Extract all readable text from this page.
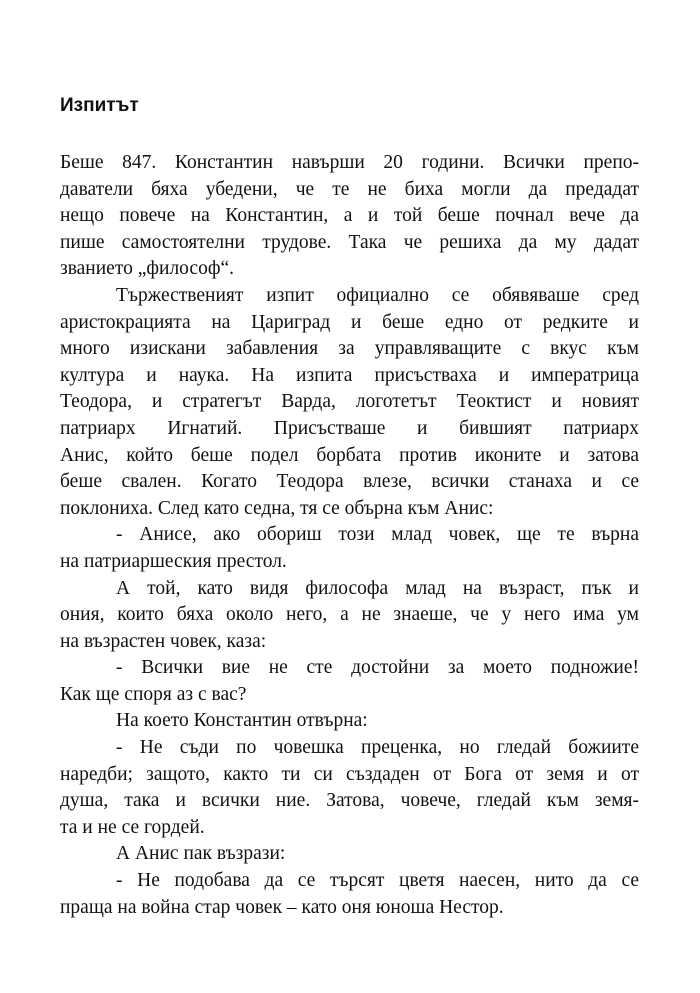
Изпитът

Беше 847. Константин навърши 20 години. Всички препо-
даватели бяха убедени, че те не биха могли да предадат
нещо повече на Константин, а и той беше почнал вече да
пише самостоятелни трудове. Така че решиха да му дадат
званието „философ“.

Тържественият изпит официално се обявяваше сред
аристокрацията на Цариград и беше едно от редките и
много изискани забавления за управляващите с вкус към
култура и наука. На изпита присъстваха и императрица
Теодора, и стратегът Варда, логотетът Теоктист и новият
патриарх Игнатий. Присъстваше и бившият патриарх
Анис, който беше подел борбата против иконите и затова
беше свален. Когато Теодора влезе, всички станаха и се
поклониха. След като седна, тя се обърна към Анис:

- Анисе, ако обориш този млад човек, ще те върна
на патриаршеския престол.

А той, като видя философа млад на възраст, пък и
ония, които бяха около него, а не знаеше, че у него има ум
на възрастен човек, каза:

- Всички вие не сте достойни за моето подножие!
Как ще споря аз с вас?

На което Константин отвърна:

- Не съди по човешка преценка, но гледай божиите
наредби; защото, както ти си създаден от Бога от земя и от
душа, така и всички ние. Затова, човече, гледай към земя-
та и не се гордей.

А Анис пак възрази:

- Не подобава да се търсят цветя наесен, нито да се
праща на война стар човек – като оня юноша Нестор.
